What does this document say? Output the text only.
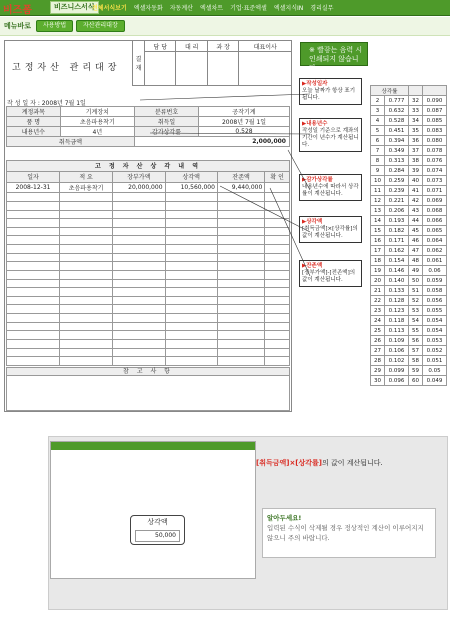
비즈폼	비즈니스서식
전체서식보기 엑셀자동화 자동계산 엑셀차트 기업·표준엑셀 엑셀지식IN 경리실무
메뉴바로	사용방법	자산관리대장
고정자산 관리대장
결재	담 당	대 리	과 장	대표이사

작 성 일 자 : 2008년 7월 1일
계정과목	기계장치	분류번호	공작기계
품 명	초음파용착기	취득일	2008년 7월 1일
내용년수	4년	감가상각률	0.528
취득금액		2,000,000	
고 정 자 산 상 각 내 역					
일자	적 요	장부가액	상각액	잔존액	확 인
2008-12-31	초음파용착기	20,000,000	10,560,000	9,440,000	

참 고 사 항
※ 빨갛는 음력 시 인쇄되지 않습니다.
▶작성일자
오늘 날짜가 항상 표기됩니다.
▶내용년수
작성일 기준으로 계좌의 기간이 년수가 계산됩니다.
▶감가상각률
내용년수에 따라서 상각률이 계산됩니다.
▶상각액
[취득금액]×[상각률]의 값이 계산됩니다.
▶잔존액
[장부가액]-[전존액]의 값이 계산됩니다.
상각률			
2	0.777	32	0.090
3	0.632	33	0.087
4	0.528	34	0.085
5	0.451	35	0.083
6	0.394	36	0.080
7	0.349	37	0.078
8	0.313	38	0.076
9	0.284	39	0.074
10	0.259	40	0.073
11	0.239	41	0.071
12	0.221	42	0.069
13	0.206	43	0.068
14	0.193	44	0.066
15	0.182	45	0.065
16	0.171	46	0.064
17	0.162	47	0.062
18	0.154	48	0.061
19	0.146	49	0.06
20	0.140	50	0.059
21	0.133	51	0.058
22	0.128	52	0.056
23	0.123	53	0.055
24	0.118	54	0.054
25	0.113	55	0.054
26	0.109	56	0.053
27	0.106	57	0.052
28	0.102	58	0.051
29	0.099	59	0.05
30	0.096	60	0.049
상각액
50,000
[취득금액]×[상각률]의 값이 계산됩니다.
알아두세요!
입력된 수식이 삭제될 경우 정상적인 계산이 이루어지지 않으니 주의 바랍니다.
